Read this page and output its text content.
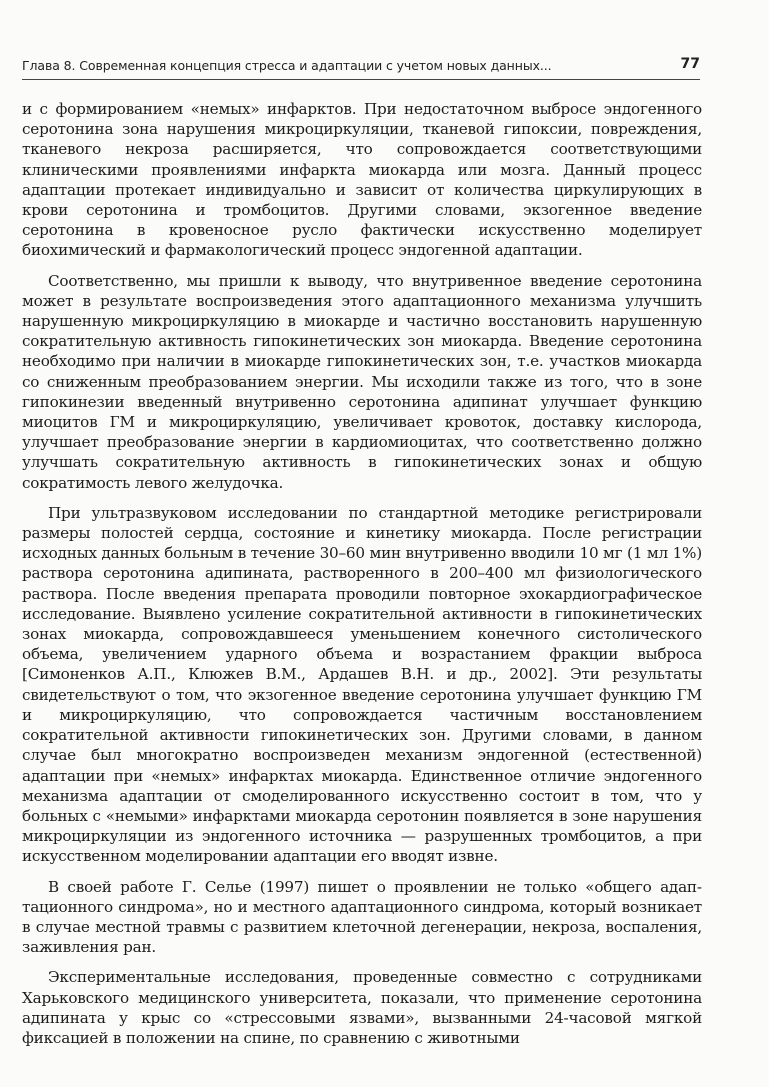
Глава 8. Современная концепция стресса и адаптации с учетом новых данных...	77

и с формированием «немых» инфарктов. При недостаточном выбросе эндогенного серотонина зона нарушения микроциркуляции, тканевой гипоксии, повреждения, тканевого некроза расширяется, что сопровождается соответствующими клиническими проявлениями инфаркта миокарда или мозга. Данный процесс адаптации протекает индивидуально и зависит от количества циркулирующих в крови серотонина и тромбоцитов. Другими словами, экзогенное введение серотонина в кровеносное русло фактически искусственно моделирует биохимический и фармакологический процесс эндогенной адаптации.

Соответственно, мы пришли к выводу, что внутривенное введение серотонина может в результате воспроизведения этого адаптационного механизма улучшить нарушенную микроциркуляцию в миокарде и частично восстановить нарушенную сократительную активность гипокинетических зон миокарда. Введение серотонина необходимо при наличии в миокарде гипокинетических зон, т.е. участков миокарда со сниженным преобразованием энергии. Мы исходили также из того, что в зоне гипокинезии введенный внутривенно серотонина адипинат улучшает функцию миоцитов ГМ и микроциркуляцию, увеличивает кровоток, доставку кислорода, улучшает преобразование энергии в кардиомиоцитах, что соответственно должно улучшать сократительную активность в гипокинетических зонах и общую сократимость левого желудочка.

При ультразвуковом исследовании по стандартной методике регистрировали размеры полостей сердца, состояние и кинетику миокарда. После регистрации исходных данных больным в течение 30–60 мин внутривенно вводили 10 мг (1 мл 1%) раствора серотонина адипината, растворенного в 200–400 мл физиологического раствора. После введения препарата проводили повторное эхокардиографическое исследование. Выявлено усиление сократительной активности в гипокинетических зонах миокарда, сопровождавшееся уменьшением конечного систолического объема, увеличением ударного объема и возрастанием фракции выброса [Симоненков А.П., Клюжев В.М., Ардашев В.Н. и др., 2002]. Эти результаты свидетельствуют о том, что экзогенное введение серотонина улучшает функцию ГМ и микроциркуляцию, что сопровождается частичным восстановлением сократительной активности гипокинетических зон. Другими словами, в данном случае был многократно воспроизведен механизм эндогенной (естественной) адаптации при «немых» инфарктах миокарда. Единственное отличие эндогенного механизма адаптации от смоделированного искусственно состоит в том, что у больных с «немыми» инфарктами миокарда серотонин появляется в зоне нарушения микроциркуляции из эндогенного источника — разрушенных тромбоцитов, а при искусственном моделировании адаптации его вводят извне.

В своей работе Г. Селье (1997) пишет о проявлении не только «общего адаптационного синдрома», но и местного адаптационного синдрома, который возникает в случае местной травмы с развитием клеточной дегенерации, некроза, воспаления, заживления ран.

Экспериментальные исследования, проведенные совместно с сотрудниками Харьковского медицинского университета, показали, что применение серотонина адипината у крыс со «стрессовыми язвами», вызванными 24-часовой мягкой фиксацией в положении на спине, по сравнению с животными
